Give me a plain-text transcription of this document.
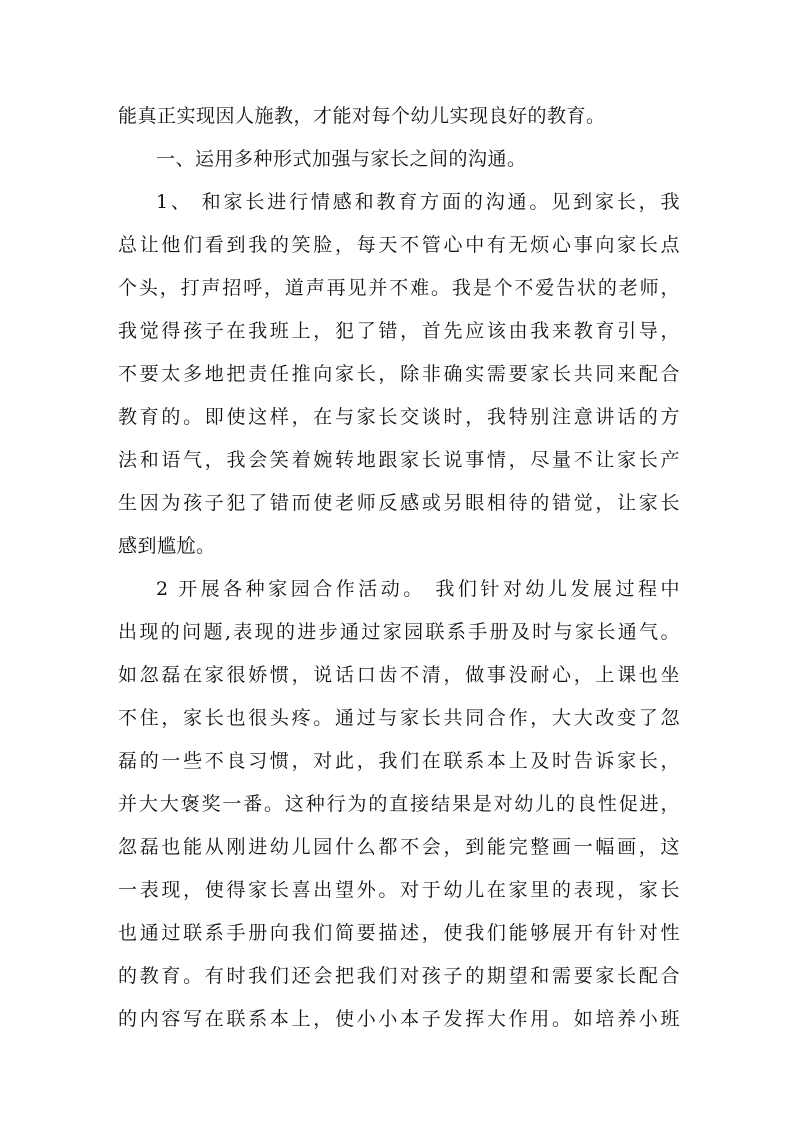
能真正实现因人施教，才能对每个幼儿实现良好的教育。
一、运用多种形式加强与家长之间的沟通。
1、 和家长进行情感和教育方面的沟通。见到家长，我
总让他们看到我的笑脸，每天不管心中有无烦心事向家长点
个头，打声招呼，道声再见并不难。我是个不爱告状的老师，
我觉得孩子在我班上，犯了错，首先应该由我来教育引导，
不要太多地把责任推向家长，除非确实需要家长共同来配合
教育的。即使这样，在与家长交谈时，我特别注意讲话的方
法和语气，我会笑着婉转地跟家长说事情，尽量不让家长产
生因为孩子犯了错而使老师反感或另眼相待的错觉，让家长
感到尴尬。
2 开展各种家园合作活动。 我们针对幼儿发展过程中
出现的问题,表现的进步通过家园联系手册及时与家长通气。
如忽磊在家很娇惯，说话口齿不清，做事没耐心，上课也坐
不住，家长也很头疼。通过与家长共同合作，大大改变了忽
磊的一些不良习惯，对此，我们在联系本上及时告诉家长，
并大大褒奖一番。这种行为的直接结果是对幼儿的良性促进，
忽磊也能从刚进幼儿园什么都不会，到能完整画一幅画，这
一表现，使得家长喜出望外。对于幼儿在家里的表现，家长
也通过联系手册向我们简要描述，使我们能够展开有针对性
的教育。有时我们还会把我们对孩子的期望和需要家长配合
的内容写在联系本上，使小小本子发挥大作用。如培养小班
